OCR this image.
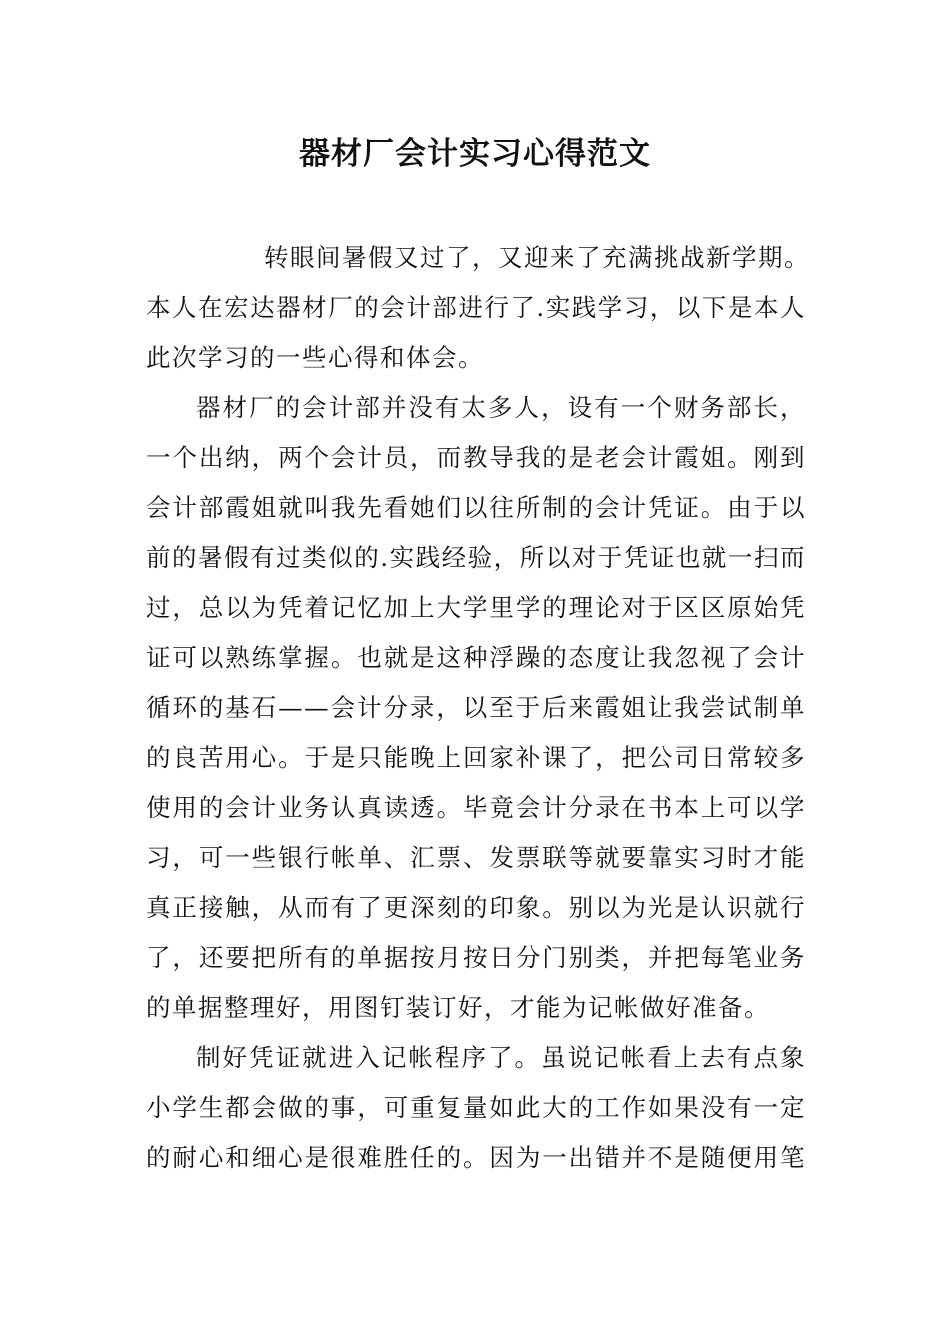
器材厂会计实习心得范文
转眼间暑假又过了，又迎来了充满挑战新学期。
本人在宏达器材厂的会计部进行了.实践学习，以下是本人
此次学习的一些心得和体会。
器材厂的会计部并没有太多人，设有一个财务部长，
一个出纳，两个会计员，而教导我的是老会计霞姐。刚到
会计部霞姐就叫我先看她们以往所制的会计凭证。由于以
前的暑假有过类似的.实践经验，所以对于凭证也就一扫而
过，总以为凭着记忆加上大学里学的理论对于区区原始凭
证可以熟练掌握。也就是这种浮躁的态度让我忽视了会计
循环的基石——会计分录，以至于后来霞姐让我尝试制单
的良苦用心。于是只能晚上回家补课了，把公司日常较多
使用的会计业务认真读透。毕竟会计分录在书本上可以学
习，可一些银行帐单、汇票、发票联等就要靠实习时才能
真正接触，从而有了更深刻的印象。别以为光是认识就行
了，还要把所有的单据按月按日分门别类，并把每笔业务
的单据整理好，用图钉装订好，才能为记帐做好准备。
制好凭证就进入记帐程序了。虽说记帐看上去有点象
小学生都会做的事，可重复量如此大的工作如果没有一定
的耐心和细心是很难胜任的。因为一出错并不是随便用笔
